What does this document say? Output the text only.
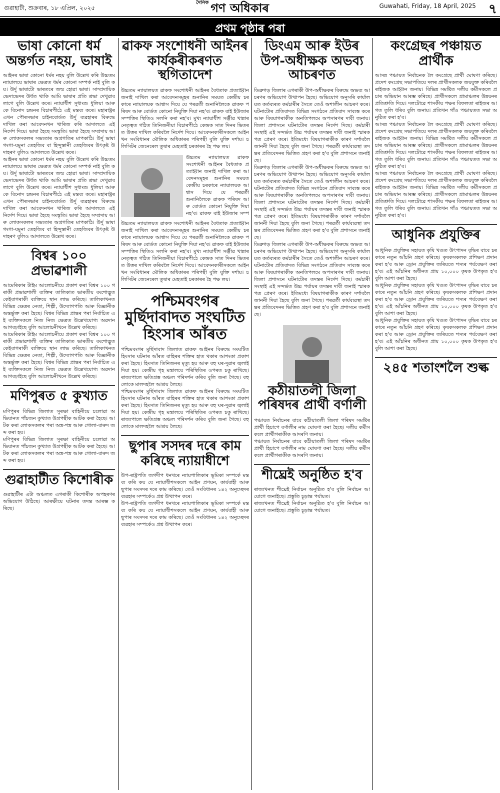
গুৱাহাটী, শুক্ৰবাৰ, ১৮ এপ্ৰিল, ২০২৫
$^{দৈনিক}$ গণ অধিকাৰ	Guwahati, Friday, 18 April, 2025 ৭
প্ৰথম পৃষ্ঠাৰ পৰা
ভাষা কোনো ধৰ্ম অন্তৰ্গত নহয়, ভাষাই
আইনৰ ভাষা কোনো ধৰ্মৰ নহয় বুলি উল্লেখ কৰি উচ্চতম ন্যায়ালয়ে ভাষাৰ ক্ষেত্ৰত ধৰ্মৰ কোনো সম্পৰ্ক নাই বুলি কয়। উৰ্দু ভাষাটো ভাৰতৰে জন্ম হোৱা ভাষা। সাম্প্ৰদায়িক ভেদাভেদৰ উৰ্ধত থাকি আমি ভাষাৰ প্ৰতি শ্ৰদ্ধা দেখুৱাব লাগে বুলি উল্লেখ কৰে। ন্যায়াধীশ সুধাংশু ধুলিয়া আৰু কে বিনোদ চন্দ্ৰনৰ বিচাৰপীঠে এই মন্তব্য কৰে। মহাৰাষ্ট্ৰৰ এখন পৌৰসভাৰ চাইনবোৰ্ডত উৰ্দু ব্যৱহাৰৰ বিৰুদ্ধে দাখিল কৰা আবেদনখন খাৰিজ কৰি আদালতে এই নিৰ্দেশ দিয়ে। ভাষা হৈছে সংস্কৃতি। ভাষা হৈছে সম্প্ৰদায় আৰু লোকসকলৰ সভ্যতাৰ অগ্ৰগতিৰ মাপকাঠি। উৰ্দু ভাষা গংগা-যমুনা তেহজিব বা হিন্দুস্তানী তেহজিবৰ উৎকৃষ্ট উদাহৰণ বুলিও আদালতে উল্লেখ কৰে।
আইনৰ ভাষা কোনো ধৰ্মৰ নহয় বুলি উল্লেখ কৰি উচ্চতম ন্যায়ালয়ে ভাষাৰ ক্ষেত্ৰত ধৰ্মৰ কোনো সম্পৰ্ক নাই বুলি কয়। উৰ্দু ভাষাটো ভাৰতৰে জন্ম হোৱা ভাষা। সাম্প্ৰদায়িক ভেদাভেদৰ উৰ্ধত থাকি আমি ভাষাৰ প্ৰতি শ্ৰদ্ধা দেখুৱাব লাগে বুলি উল্লেখ কৰে। ন্যায়াধীশ সুধাংশু ধুলিয়া আৰু কে বিনোদ চন্দ্ৰনৰ বিচাৰপীঠে এই মন্তব্য কৰে। মহাৰাষ্ট্ৰৰ এখন পৌৰসভাৰ চাইনবোৰ্ডত উৰ্দু ব্যৱহাৰৰ বিৰুদ্ধে দাখিল কৰা আবেদনখন খাৰিজ কৰি আদালতে এই নিৰ্দেশ দিয়ে। ভাষা হৈছে সংস্কৃতি। ভাষা হৈছে সম্প্ৰদায় আৰু লোকসকলৰ সভ্যতাৰ অগ্ৰগতিৰ মাপকাঠি। উৰ্দু ভাষা গংগা-যমুনা তেহজিব বা হিন্দুস্তানী তেহজিবৰ উৎকৃষ্ট উদাহৰণ বুলিও আদালতে উল্লেখ কৰে।
বিশ্বৰ ১০০ প্ৰভাৱশালী
আমেৰিকাৰ টাইম আলোচনীয়ে প্ৰকাশ কৰা বিশ্বৰ ১০০ গৰাকী প্ৰভাৱশালী ব্যক্তিৰ তালিকাত ভাৰতীয় বংশোদ্ভূত কেইবাগৰাকী ব্যক্তিয়ে স্থান লাভ কৰিছে। তালিকাখনত বিভিন্ন ক্ষেত্ৰৰ নেতা, শিল্পী, উদ্যোগপতি আৰু বিজ্ঞানীক অন্তৰ্ভুক্ত কৰা হৈছে। বিশ্বৰ বিভিন্ন প্ৰান্তৰ পৰা নিৰ্বাচিত এই ব্যক্তিসকলে নিজ নিজ ক্ষেত্ৰত উল্লেখযোগ্য অৱদান আগবঢ়াইছে বুলি আলোচনীখনে উল্লেখ কৰিছে।
আমেৰিকাৰ টাইম আলোচনীয়ে প্ৰকাশ কৰা বিশ্বৰ ১০০ গৰাকী প্ৰভাৱশালী ব্যক্তিৰ তালিকাত ভাৰতীয় বংশোদ্ভূত কেইবাগৰাকী ব্যক্তিয়ে স্থান লাভ কৰিছে। তালিকাখনত বিভিন্ন ক্ষেত্ৰৰ নেতা, শিল্পী, উদ্যোগপতি আৰু বিজ্ঞানীক অন্তৰ্ভুক্ত কৰা হৈছে। বিশ্বৰ বিভিন্ন প্ৰান্তৰ পৰা নিৰ্বাচিত এই ব্যক্তিসকলে নিজ নিজ ক্ষেত্ৰত উল্লেখযোগ্য অৱদান আগবঢ়াইছে বুলি আলোচনীখনে উল্লেখ কৰিছে।
মণিপুৰত ৫ কুখ্যাত
মণিপুৰৰ বিভিন্ন জিলাত সুৰক্ষা বাহিনীয়ে চলোৱা অভিযানত পাঁচজন কুখ্যাত উগ্ৰপন্থীক আটক কৰা হৈছে। আটক কৰা লোকসকলৰ পৰা অস্ত্ৰ-শস্ত্ৰ আৰু গোলা-বাৰুদ জব্দ কৰা হয়।
মণিপুৰৰ বিভিন্ন জিলাত সুৰক্ষা বাহিনীয়ে চলোৱা অভিযানত পাঁচজন কুখ্যাত উগ্ৰপন্থীক আটক কৰা হৈছে। আটক কৰা লোকসকলৰ পৰা অস্ত্ৰ-শস্ত্ৰ আৰু গোলা-বাৰুদ জব্দ কৰা হয়।
গুৱাহাটীত কিশোৰীক
গুৱাহাটীৰ এটা অঞ্চলত এগৰাকী কিশোৰীক অপহৰণৰ অভিযোগ উঠিছে। আৰক্ষীয়ে ঘটনাৰ তদন্ত আৰম্ভ কৰিছে।
ৱাকফ সংশোধনী আইনৰ কাৰ্যকৰীকৰণত স্থগিতাদেশ
উচ্চতম ন্যায়ালয়ত ৱাকফ সংশোধনী আইনৰ বৈধতাক প্ৰত্যাহ্বান জনাই দাখিল কৰা আবেদনসমূহৰ শুনানিৰ সময়ত কেন্দ্ৰীয় চৰকাৰে ন্যায়ালয়ক আশ্বাস দিয়ে যে পৰৱৰ্তী শুনানিলৈকে ৱাকফ পৰিষদ আৰু বোৰ্ডত কোনো নিযুক্তি দিয়া নহ'ব। ৱাকফ বাই ইউজাৰ সম্পত্তিৰ স্থিতিও সলনি কৰা নহ'ব। মুখ্য ন্যায়াধীশ সঞ্জীৱ খান্নাৰ নেতৃত্বত গঠিত তিনিজনীয়া বিচাৰপীঠে কেন্দ্ৰক সাত দিনৰ ভিতৰত উত্তৰ দাখিল কৰিবলৈ নিৰ্দেশ দিয়ে। আবেদনকাৰীসকলে আইনখন সংবিধানৰ মৌলিক অধিকাৰৰ পৰিপন্থী বুলি যুক্তি দৰ্শায়। চলিসিটৰ জেনেৰেল তুষাৰ মেহতাই চৰকাৰৰ হৈ পক্ষ লয়।
উচ্চতম ন্যায়ালয়ত ৱাকফ সংশোধনী আইনৰ বৈধতাক প্ৰত্যাহ্বান জনাই দাখিল কৰা আবেদনসমূহৰ শুনানিৰ সময়ত কেন্দ্ৰীয় চৰকাৰে ন্যায়ালয়ক আশ্বাস দিয়ে যে পৰৱৰ্তী শুনানিলৈকে ৱাকফ পৰিষদ আৰু বোৰ্ডত কোনো নিযুক্তি দিয়া নহ'ব। ৱাকফ বাই ইউজাৰ সম্প
উচ্চতম ন্যায়ালয়ত ৱাকফ সংশোধনী আইনৰ বৈধতাক প্ৰত্যাহ্বান জনাই দাখিল কৰা আবেদনসমূহৰ শুনানিৰ সময়ত কেন্দ্ৰীয় চৰকাৰে ন্যায়ালয়ক আশ্বাস দিয়ে যে পৰৱৰ্তী শুনানিলৈকে ৱাকফ পৰিষদ আৰু বোৰ্ডত কোনো নিযুক্তি দিয়া নহ'ব। ৱাকফ বাই ইউজাৰ সম্পত্তিৰ স্থিতিও সলনি কৰা নহ'ব। মুখ্য ন্যায়াধীশ সঞ্জীৱ খান্নাৰ নেতৃত্বত গঠিত তিনিজনীয়া বিচাৰপীঠে কেন্দ্ৰক সাত দিনৰ ভিতৰত উত্তৰ দাখিল কৰিবলৈ নিৰ্দেশ দিয়ে। আবেদনকাৰীসকলে আইনখন সংবিধানৰ মৌলিক অধিকাৰৰ পৰিপন্থী বুলি যুক্তি দৰ্শায়। চলিসিটৰ জেনেৰেল তুষাৰ মেহতাই চৰকাৰৰ হৈ পক্ষ লয়।
পশ্চিমবংগৰ মুৰ্ছিদাবাদত সংঘটিত হিংসাৰ আঁৰত
পশ্চিমবংগৰ মুৰ্ছিদাবাদ জিলাত ৱাকফ আইনৰ বিৰুদ্ধে সংঘটিত হিংসাৰ ঘটনাৰ আঁৰত বাহিৰৰ শক্তিৰ হাত থকাৰ আশংকা প্ৰকাশ কৰা হৈছে। হিংসাত তিনিজনৰ মৃত্যু হয় আৰু বহু ঘৰ-দুৱাৰ জ্বলাই দিয়া হয়। কেন্দ্ৰীয় গৃহ মন্ত্ৰালয়ে পৰিস্থিতিৰ ওপৰত চকু ৰাখিছে। ৰাজ্যপালে ক্ষতিগ্ৰস্ত অঞ্চল পৰিদৰ্শন কৰিব বুলি জনা গৈছে। বহু লোকে মালদহলৈ আশ্ৰয় লৈছে।
পশ্চিমবংগৰ মুৰ্ছিদাবাদ জিলাত ৱাকফ আইনৰ বিৰুদ্ধে সংঘটিত হিংসাৰ ঘটনাৰ আঁৰত বাহিৰৰ শক্তিৰ হাত থকাৰ আশংকা প্ৰকাশ কৰা হৈছে। হিংসাত তিনিজনৰ মৃত্যু হয় আৰু বহু ঘৰ-দুৱাৰ জ্বলাই দিয়া হয়। কেন্দ্ৰীয় গৃহ মন্ত্ৰালয়ে পৰিস্থিতিৰ ওপৰত চকু ৰাখিছে। ৰাজ্যপালে ক্ষতিগ্ৰস্ত অঞ্চল পৰিদৰ্শন কৰিব বুলি জনা গৈছে। বহু লোকে মালদহলৈ আশ্ৰয় লৈছে।
ছুপাৰ সসদৰ দৰে কাম কৰিছে ন্যায়াধীশে
উপ-ৰাষ্ট্ৰপতি জগদীপ ধনখৰে ন্যায়পালিকাৰ ভূমিকা সম্পৰ্কে মন্তব্য কৰি কয় যে ন্যায়াধীশসকলে আইন প্ৰণয়ন, কাৰ্যবাহী আৰু ছুপাৰ সংসদৰ দৰে কাম কৰিছে। তেওঁ সংবিধানৰ ১৪২ অনুচ্ছেদৰ ব্যৱহাৰ সম্পৰ্কেও প্ৰশ্ন উত্থাপন কৰে।
উপ-ৰাষ্ট্ৰপতি জগদীপ ধনখৰে ন্যায়পালিকাৰ ভূমিকা সম্পৰ্কে মন্তব্য কৰি কয় যে ন্যায়াধীশসকলে আইন প্ৰণয়ন, কাৰ্যবাহী আৰু ছুপাৰ সংসদৰ দৰে কাম কৰিছে। তেওঁ সংবিধানৰ ১৪২ অনুচ্ছেদৰ ব্যৱহাৰ সম্পৰ্কেও প্ৰশ্ন উত্থাপন কৰে।
ডিংএম আৰু ইউৰ উপ-অধীক্ষক অভব্য আচৰণত
ডিব্ৰুগড় জিলাৰ এগৰাকী উপ-অধীক্ষকৰ বিৰুদ্ধে অভব্য আচৰণৰ অভিযোগ উত্থাপন হৈছে। অভিযোগ অনুসৰি কাৰ্যালয়ত কৰ্তব্যৰত কৰ্মচাৰীৰ সৈতে তেওঁ অশালীন আচৰণ কৰে। ঘটনাটোৰ প্ৰতিবাদত বিভিন্ন সংগঠনে প্ৰতিবাদ সাব্যস্ত কৰে আৰু বিষয়াগৰাকীক অনতিপলমে অপসাৰণৰ দাবী জনায়। জিলা প্ৰশাসনে ঘটনাটোৰ তদন্তৰ নিৰ্দেশ দিছে। কৰ্মচাৰী সংস্থাই এই সন্দৰ্ভত উচ্চ পৰ্যায়ৰ তদন্তৰ দাবী জনাই স্মাৰকপত্ৰ প্ৰেৰণ কৰে। ইতিমধ্যে বিষয়াগৰাকীক কাৰণ দৰ্শাবলৈ জাননী দিয়া হৈছে বুলি জনা গৈছে। পৰৱৰ্তী কাৰ্যব্যৱস্থা তদন্তৰ প্ৰতিবেদনৰ ভিত্তিত গ্ৰহণ কৰা হ'ব বুলি প্ৰশাসনে জনাইছে।
ডিব্ৰুগড় জিলাৰ এগৰাকী উপ-অধীক্ষকৰ বিৰুদ্ধে অভব্য আচৰণৰ অভিযোগ উত্থাপন হৈছে। অভিযোগ অনুসৰি কাৰ্যালয়ত কৰ্তব্যৰত কৰ্মচাৰীৰ সৈতে তেওঁ অশালীন আচৰণ কৰে। ঘটনাটোৰ প্ৰতিবাদত বিভিন্ন সংগঠনে প্ৰতিবাদ সাব্যস্ত কৰে আৰু বিষয়াগৰাকীক অনতিপলমে অপসাৰণৰ দাবী জনায়। জিলা প্ৰশাসনে ঘটনাটোৰ তদন্তৰ নিৰ্দেশ দিছে। কৰ্মচাৰী সংস্থাই এই সন্দৰ্ভত উচ্চ পৰ্যায়ৰ তদন্তৰ দাবী জনাই স্মাৰকপত্ৰ প্ৰেৰণ কৰে। ইতিমধ্যে বিষয়াগৰাকীক কাৰণ দৰ্শাবলৈ জাননী দিয়া হৈছে বুলি জনা গৈছে। পৰৱৰ্তী কাৰ্যব্যৱস্থা তদন্তৰ প্ৰতিবেদনৰ ভিত্তিত গ্ৰহণ কৰা হ'ব বুলি প্ৰশাসনে জনাইছে।
ডিব্ৰুগড় জিলাৰ এগৰাকী উপ-অধীক্ষকৰ বিৰুদ্ধে অভব্য আচৰণৰ অভিযোগ উত্থাপন হৈছে। অভিযোগ অনুসৰি কাৰ্যালয়ত কৰ্তব্যৰত কৰ্মচাৰীৰ সৈতে তেওঁ অশালীন আচৰণ কৰে। ঘটনাটোৰ প্ৰতিবাদত বিভিন্ন সংগঠনে প্ৰতিবাদ সাব্যস্ত কৰে আৰু বিষয়াগৰাকীক অনতিপলমে অপসাৰণৰ দাবী জনায়। জিলা প্ৰশাসনে ঘটনাটোৰ তদন্তৰ নিৰ্দেশ দিছে। কৰ্মচাৰী সংস্থাই এই সন্দৰ্ভত উচ্চ পৰ্যায়ৰ তদন্তৰ দাবী জনাই স্মাৰকপত্ৰ প্ৰেৰণ কৰে। ইতিমধ্যে বিষয়াগৰাকীক কাৰণ দৰ্শাবলৈ জাননী দিয়া হৈছে বুলি জনা গৈছে। পৰৱৰ্তী কাৰ্যব্যৱস্থা তদন্তৰ প্ৰতিবেদনৰ ভিত্তিত গ্ৰহণ কৰা হ'ব বুলি প্ৰশাসনে জনাইছে।
কঠীয়াতলী জিলা পৰিষদৰ প্ৰাৰ্থী বৰ্ণালী
পঞ্চায়ত নিৰ্বাচনৰ বাবে কঠীয়াতলী জিলা পৰিষদ সমষ্টিৰ প্ৰাৰ্থী হিচাপে বৰ্ণালীৰ নাম ঘোষণা কৰা হৈছে। দলীয় কৰ্মীসকলে প্ৰাৰ্থীগৰাকীক আদৰণি জনায়।
পঞ্চায়ত নিৰ্বাচনৰ বাবে কঠীয়াতলী জিলা পৰিষদ সমষ্টিৰ প্ৰাৰ্থী হিচাপে বৰ্ণালীৰ নাম ঘোষণা কৰা হৈছে। দলীয় কৰ্মীসকলে প্ৰাৰ্থীগৰাকীক আদৰণি জনায়।
শীঘ্ৰেই অনুষ্ঠিত হ'ব
ৰাজ্যখনত শীঘ্ৰেই নিৰ্বাচন অনুষ্ঠিত হ'ব বুলি নিৰ্বাচন আয়োগে জনাইছে। প্ৰস্তুতি চূড়ান্ত পৰ্যায়ত।
ৰাজ্যখনত শীঘ্ৰেই নিৰ্বাচন অনুষ্ঠিত হ'ব বুলি নিৰ্বাচন আয়োগে জনাইছে। প্ৰস্তুতি চূড়ান্ত পৰ্যায়ত।
কংগ্ৰেছৰ পঞ্চায়ত প্ৰাৰ্থীক
আসন্ন পঞ্চায়ত নিৰ্বাচনক লৈ কংগ্ৰেছে প্ৰাৰ্থী ঘোষণা কৰিছে। প্ৰদেশ কংগ্ৰেছ সভাপতিয়ে দলৰ প্ৰাৰ্থীসকলক জয়যুক্ত কৰিবলৈ ৰাইজক আহ্বান জনায়। বিভিন্ন সমষ্টিত দলীয় কৰ্মীসকলে প্ৰচাৰ অভিযান আৰম্ভ কৰিছে। প্ৰাৰ্থীসকলে গ্ৰামাঞ্চলৰ উন্নয়নৰ প্ৰতিশ্ৰুতি দিয়ে। দলটোৱে শাসকীয় পক্ষৰ বিফলতা ৰাইজৰ আগত তুলি ধৰিব বুলি জনায়। প্ৰতিখন গাঁও পঞ্চায়তত সভা অনুষ্ঠিত কৰা হ'ব।
আসন্ন পঞ্চায়ত নিৰ্বাচনক লৈ কংগ্ৰেছে প্ৰাৰ্থী ঘোষণা কৰিছে। প্ৰদেশ কংগ্ৰেছ সভাপতিয়ে দলৰ প্ৰাৰ্থীসকলক জয়যুক্ত কৰিবলৈ ৰাইজক আহ্বান জনায়। বিভিন্ন সমষ্টিত দলীয় কৰ্মীসকলে প্ৰচাৰ অভিযান আৰম্ভ কৰিছে। প্ৰাৰ্থীসকলে গ্ৰামাঞ্চলৰ উন্নয়নৰ প্ৰতিশ্ৰুতি দিয়ে। দলটোৱে শাসকীয় পক্ষৰ বিফলতা ৰাইজৰ আগত তুলি ধৰিব বুলি জনায়। প্ৰতিখন গাঁও পঞ্চায়তত সভা অনুষ্ঠিত কৰা হ'ব।
আসন্ন পঞ্চায়ত নিৰ্বাচনক লৈ কংগ্ৰেছে প্ৰাৰ্থী ঘোষণা কৰিছে। প্ৰদেশ কংগ্ৰেছ সভাপতিয়ে দলৰ প্ৰাৰ্থীসকলক জয়যুক্ত কৰিবলৈ ৰাইজক আহ্বান জনায়। বিভিন্ন সমষ্টিত দলীয় কৰ্মীসকলে প্ৰচাৰ অভিযান আৰম্ভ কৰিছে। প্ৰাৰ্থীসকলে গ্ৰামাঞ্চলৰ উন্নয়নৰ প্ৰতিশ্ৰুতি দিয়ে। দলটোৱে শাসকীয় পক্ষৰ বিফলতা ৰাইজৰ আগত তুলি ধৰিব বুলি জনায়। প্ৰতিখন গাঁও পঞ্চায়তত সভা অনুষ্ঠিত কৰা হ'ব।
আধুনিক প্ৰযুক্তিৰ
আধুনিক প্ৰযুক্তিৰ সহায়ত কৃষি খণ্ডত উৎপাদন বৃদ্ধিৰ বাবে চৰকাৰে নতুন আঁচনি গ্ৰহণ কৰিছে। কৃষকসকলক প্ৰশিক্ষণ প্ৰদান কৰা হ'ব আৰু ড্ৰোন প্ৰযুক্তিৰ জৰিয়তে শস্যৰ পৰ্যবেক্ষণ কৰা হ'ব। এই আঁচনিৰ অধীনত প্ৰায় ১০,০০০ কৃষক উপকৃত হ'ব বুলি আশা কৰা হৈছে।
আধুনিক প্ৰযুক্তিৰ সহায়ত কৃষি খণ্ডত উৎপাদন বৃদ্ধিৰ বাবে চৰকাৰে নতুন আঁচনি গ্ৰহণ কৰিছে। কৃষকসকলক প্ৰশিক্ষণ প্ৰদান কৰা হ'ব আৰু ড্ৰোন প্ৰযুক্তিৰ জৰিয়তে শস্যৰ পৰ্যবেক্ষণ কৰা হ'ব। এই আঁচনিৰ অধীনত প্ৰায় ১০,০০০ কৃষক উপকৃত হ'ব বুলি আশা কৰা হৈছে।
আধুনিক প্ৰযুক্তিৰ সহায়ত কৃষি খণ্ডত উৎপাদন বৃদ্ধিৰ বাবে চৰকাৰে নতুন আঁচনি গ্ৰহণ কৰিছে। কৃষকসকলক প্ৰশিক্ষণ প্ৰদান কৰা হ'ব আৰু ড্ৰোন প্ৰযুক্তিৰ জৰিয়তে শস্যৰ পৰ্যবেক্ষণ কৰা হ'ব। এই আঁচনিৰ অধীনত প্ৰায় ১০,০০০ কৃষক উপকৃত হ'ব বুলি আশা কৰা হৈছে।
২৪৫ শতাংশলৈ শুল্ক
